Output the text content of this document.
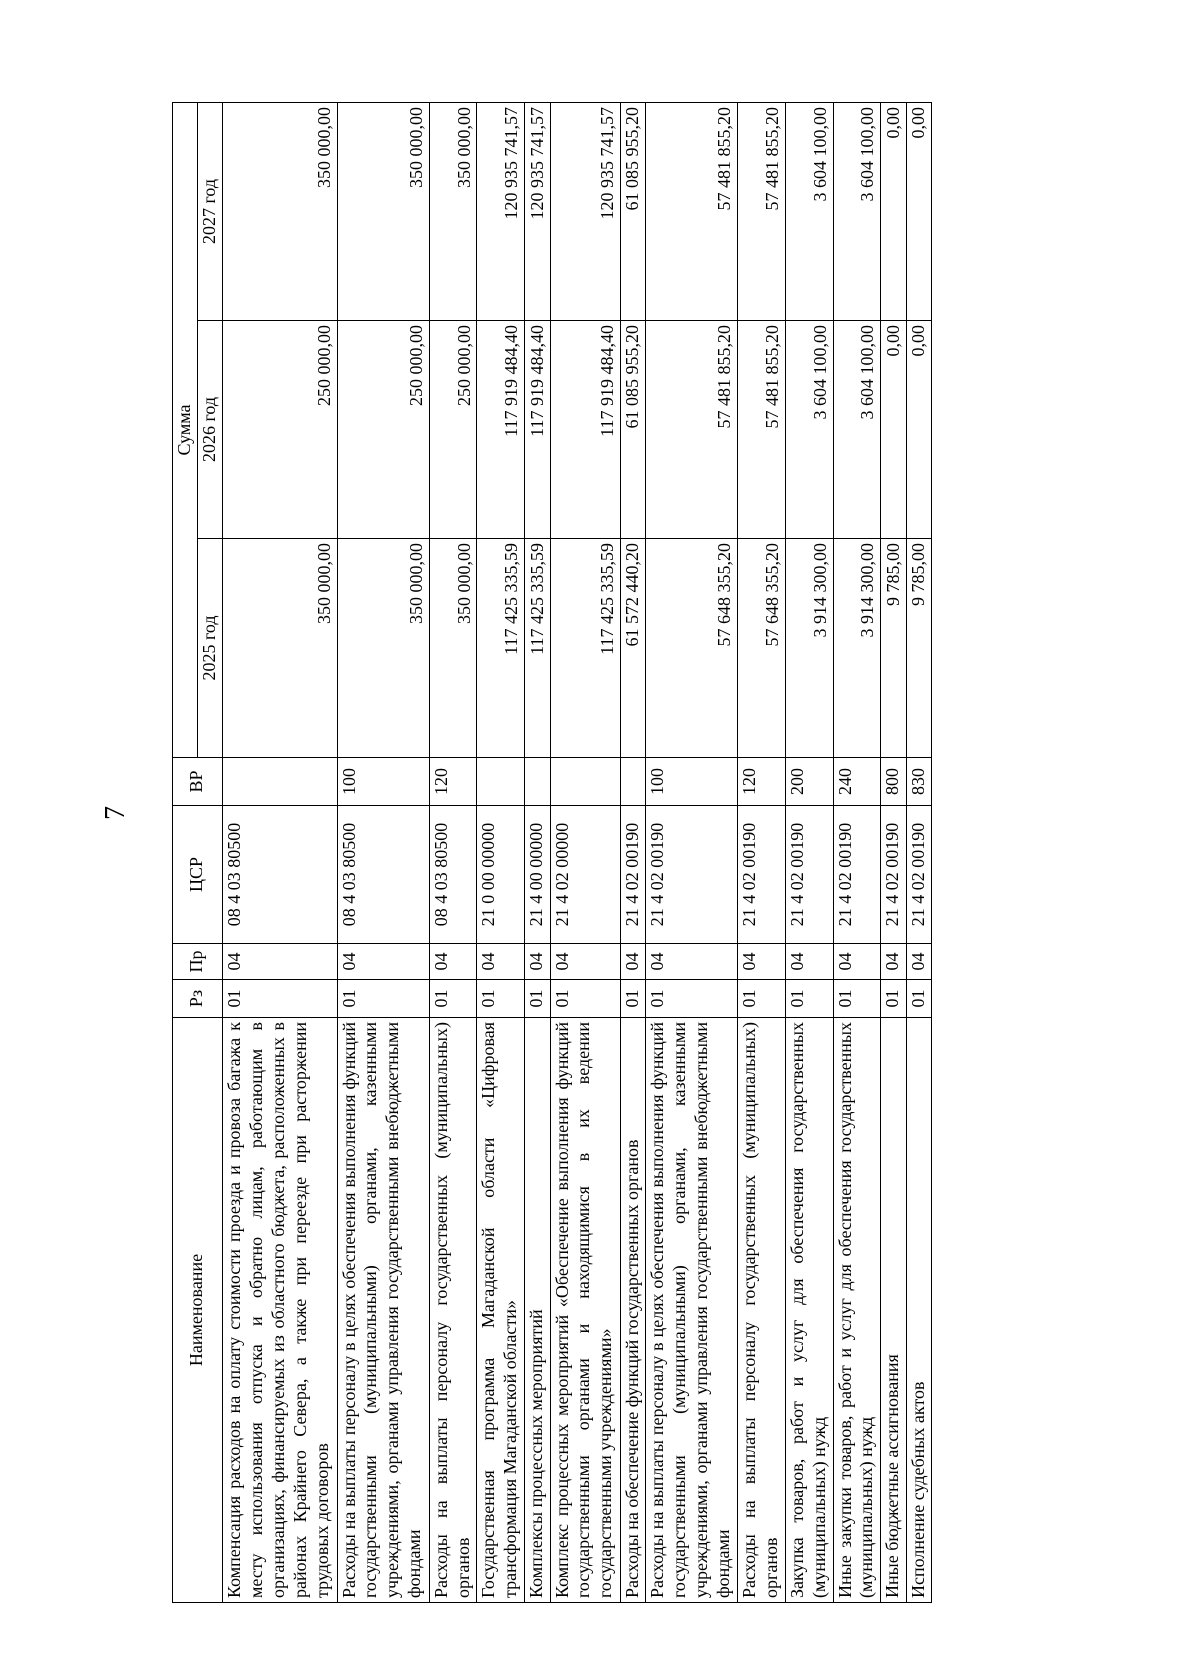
7
Наименование	Рз	Пр	ЦСР	ВР	Сумма		
					2025 год	2026 год	2027 год
Компенсация расходов на оплату стоимости проезда и провоза багажа к месту использования отпуска и обратно лицам, работающим в организациях, финансируемых из областного бюджета, расположенных в районах Крайнего Севера, а также при переезде при расторжении трудовых договоров	01	04	08 4 03 80500		350 000,00	250 000,00	350 000,00
Расходы на выплаты персоналу в целях обеспечения выполнения функций государственными (муниципальными) органами, казенными учреждениями, органами управления государственными внебюджетными фондами	01	04	08 4 03 80500	100	350 000,00	250 000,00	350 000,00
Расходы на выплаты персоналу государственных (муниципальных) органов	01	04	08 4 03 80500	120	350 000,00	250 000,00	350 000,00
Государственная программа Магаданской области «Цифровая трансформация Магаданской области»	01	04	21 0 00 00000		117 425 335,59	117 919 484,40	120 935 741,57
Комплексы процессных мероприятий	01	04	21 4 00 00000		117 425 335,59	117 919 484,40	120 935 741,57
Комплекс процессных мероприятий «Обеспечение выполнения функций государственными органами и находящимися в их ведении государственными учреждениями»	01	04	21 4 02 00000		117 425 335,59	117 919 484,40	120 935 741,57
Расходы на обеспечение функций государственных органов	01	04	21 4 02 00190		61 572 440,20	61 085 955,20	61 085 955,20
Расходы на выплаты персоналу в целях обеспечения выполнения функций государственными (муниципальными) органами, казенными учреждениями, органами управления государственными внебюджетными фондами	01	04	21 4 02 00190	100	57 648 355,20	57 481 855,20	57 481 855,20
Расходы на выплаты персоналу государственных (муниципальных) органов	01	04	21 4 02 00190	120	57 648 355,20	57 481 855,20	57 481 855,20
Закупка товаров, работ и услуг для обеспечения государственных (муниципальных) нужд	01	04	21 4 02 00190	200	3 914 300,00	3 604 100,00	3 604 100,00
Иные закупки товаров, работ и услуг для обеспечения государственных (муниципальных) нужд	01	04	21 4 02 00190	240	3 914 300,00	3 604 100,00	3 604 100,00
Иные бюджетные ассигнования	01	04	21 4 02 00190	800	9 785,00	0,00	0,00
Исполнение судебных актов	01	04	21 4 02 00190	830	9 785,00	0,00	0,00
